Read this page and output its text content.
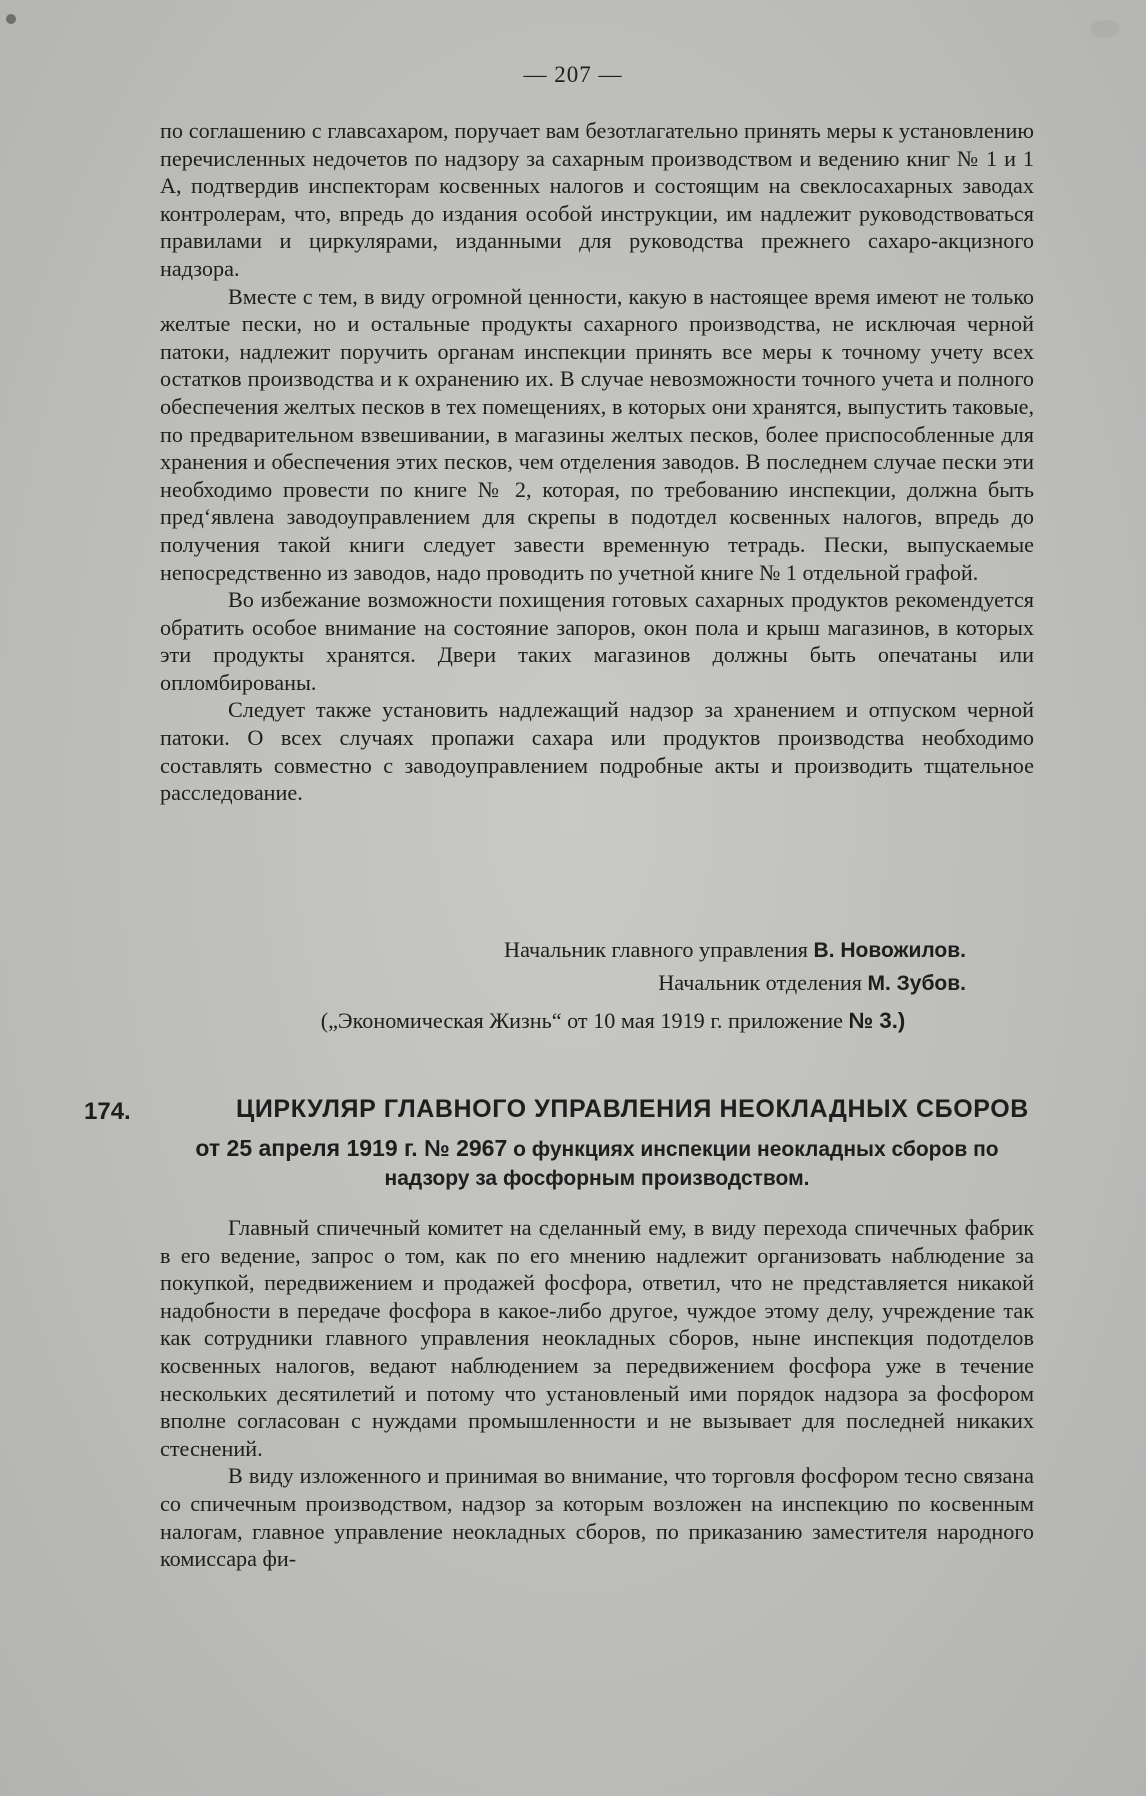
— 207 —

по соглашению с главсахаром, поручает вам безотлагательно принять меры к установлению перечисленных недочетов по надзору за сахарным производством и ведению книг № 1 и 1 А, подтвердив инспекторам косвенных налогов и состоящим на свеклосахарных заводах контролерам, что, впредь до издания особой инструкции, им надлежит руководствоваться правилами и циркулярами, изданными для руководства прежнего сахаро-акцизного надзора.

Вместе с тем, в виду огромной ценности, какую в настоящее время имеют не только желтые пески, но и остальные продукты сахарного производства, не исключая черной патоки, надлежит поручить органам инспекции принять все меры к точному учету всех остатков производства и к охранению их. В случае невозможности точного учета и полного обеспечения желтых песков в тех помещениях, в которых они хранятся, выпустить таковые, по предварительном взвешивании, в магазины желтых песков, более приспособленные для хранения и обеспечения этих песков, чем отделения заводов. В последнем случае пески эти необходимо провести по книге № 2, которая, по требованию инспекции, должна быть пред‘явлена заводоуправлением для скрепы в подотдел косвенных налогов, впредь до получения такой книги следует завести временную тетрадь. Пески, выпускаемые непосредственно из заводов, надо проводить по учетной книге № 1 отдельной графой.

Во избежание возможности похищения готовых сахарных продуктов рекомендуется обратить особое внимание на состояние запоров, окон пола и крыш магазинов, в которых эти продукты хранятся. Двери таких магазинов должны быть опечатаны или опломбированы.

Следует также установить надлежащий надзор за хранением и отпуском черной патоки. О всех случаях пропажи сахара или продуктов производства необходимо составлять совместно с заводоуправлением подробные акты и производить тщательное расследование.

Начальник главного управления В. Новожилов.
Начальник отделения М. Зубов.
(„Экономическая Жизнь“ от 10 мая 1919 г. приложение № 3.)
174.	ЦИРКУЛЯР ГЛАВНОГО УПРАВЛЕНИЯ НЕОКЛАДНЫХ СБОРОВ
от 25 апреля 1919 г. № 2967 о функциях инспекции неокладных сборов по надзору за фосфорным производством.

Главный спичечный комитет на сделанный ему, в виду перехода спичечных фабрик в его ведение, запрос о том, как по его мнению надлежит организовать наблюдение за покупкой, передвижением и продажей фосфора, ответил, что не представляется никакой надобности в передаче фосфора в какое-либо другое, чуждое этому делу, учреждение так как сотрудники главного управления неокладных сборов, ныне инспекция подотделов косвенных налогов, ведают наблюдением за передвижением фосфора уже в течение нескольких десятилетий и потому что установленый ими порядок надзора за фосфором вполне согласован с нуждами промышленности и не вызывает для последней никаких стеснений.

В виду изложенного и принимая во внимание, что торговля фосфором тесно связана со спичечным производством, надзор за которым возложен на инспекцию по косвенным налогам, главное управление неокладных сборов, по приказанию заместителя народного комиссара фи-
